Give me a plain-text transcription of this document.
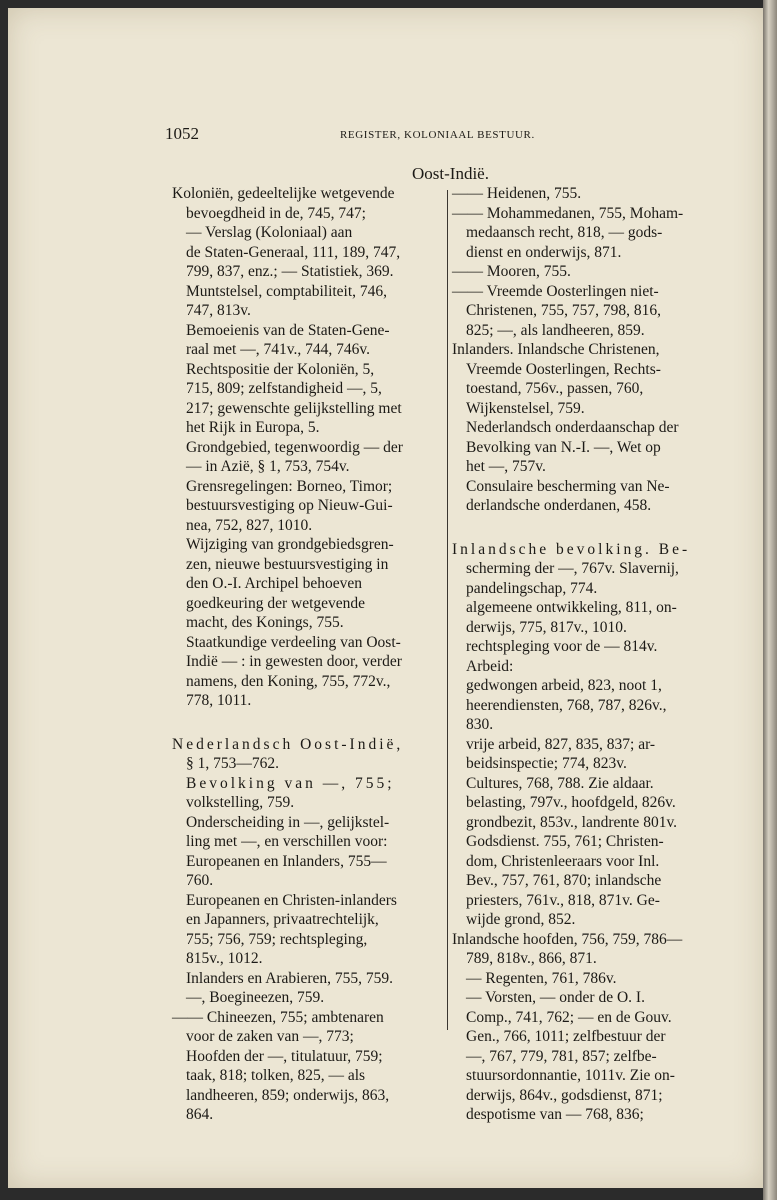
1052	REGISTER, KOLONIAAL BESTUUR.
Oost-Indië.
Koloniën, gedeeltelijke wetgevende
bevoegdheid in de, 745, 747;
— Verslag (Koloniaal) aan
de Staten-Generaal, 111, 189, 747,
799, 837, enz.; — Statistiek, 369.
Muntstelsel, comptabiliteit, 746,
747, 813v.
Bemoeienis van de Staten-Gene-
raal met —, 741v., 744, 746v.
Rechtspositie der Koloniën, 5,
715, 809; zelfstandigheid —, 5,
217; gewenschte gelijkstelling met
het Rijk in Europa, 5.
Grondgebied, tegenwoordig — der
— in Azië, § 1, 753, 754v.
Grensregelingen: Borneo, Timor;
bestuursvestiging op Nieuw-Gui-
nea, 752, 827, 1010.
Wijziging van grondgebiedsgren-
zen, nieuwe bestuursvestiging in
den O.-I. Archipel behoeven
goedkeuring der wetgevende
macht, des Konings, 755.
Staatkundige verdeeling van Oost-
Indië — : in gewesten door, verder
namens, den Koning, 755, 772v.,
778, 1011.
Nederlandsch Oost-Indië,
§ 1, 753—762.
Bevolking van —, 755;
volkstelling, 759.
Onderscheiding in —, gelijkstel-
ling met —, en verschillen voor:
Europeanen en Inlanders, 755—
760.
Europeanen en Christen-inlanders
en Japanners, privaatrechtelijk,
755; 756, 759; rechtspleging,
815v., 1012.
Inlanders en Arabieren, 755, 759.
—, Boegineezen, 759.
—— Chineezen, 755; ambtenaren
voor de zaken van —, 773;
Hoofden der —, titulatuur, 759;
taak, 818; tolken, 825, — als
landheeren, 859; onderwijs, 863,
864.
—— Heidenen, 755.
—— Mohammedanen, 755, Moham-
medaansch recht, 818, — gods-
dienst en onderwijs, 871.
—— Mooren, 755.
—— Vreemde Oosterlingen niet-
Christenen, 755, 757, 798, 816,
825; —, als landheeren, 859.
Inlanders. Inlandsche Christenen,
Vreemde Oosterlingen, Rechts-
toestand, 756v., passen, 760,
Wijkenstelsel, 759.
Nederlandsch onderdaanschap der
Bevolking van N.-I. —, Wet op
het —, 757v.
Consulaire bescherming van Ne-
derlandsche onderdanen, 458.
Inlandsche bevolking. Be-
scherming der —, 767v. Slavernij,
pandelingschap, 774.
algemeene ontwikkeling, 811, on-
derwijs, 775, 817v., 1010.
rechtspleging voor de — 814v.
Arbeid:
gedwongen arbeid, 823, noot 1,
heerendiensten, 768, 787, 826v.,
830.
vrije arbeid, 827, 835, 837; ar-
beidsinspectie; 774, 823v.
Cultures, 768, 788. Zie aldaar.
belasting, 797v., hoofdgeld, 826v.
grondbezit, 853v., landrente 801v.
Godsdienst. 755, 761; Christen-
dom, Christenleeraars voor Inl.
Bev., 757, 761, 870; inlandsche
priesters, 761v., 818, 871v. Ge-
wijde grond, 852.
Inlandsche hoofden, 756, 759, 786—
789, 818v., 866, 871.
— Regenten, 761, 786v.
— Vorsten, — onder de O. I.
Comp., 741, 762; — en de Gouv.
Gen., 766, 1011; zelfbestuur der
—, 767, 779, 781, 857; zelfbe-
stuursordonnantie, 1011v. Zie on-
derwijs, 864v., godsdienst, 871;
despotisme van — 768, 836;
